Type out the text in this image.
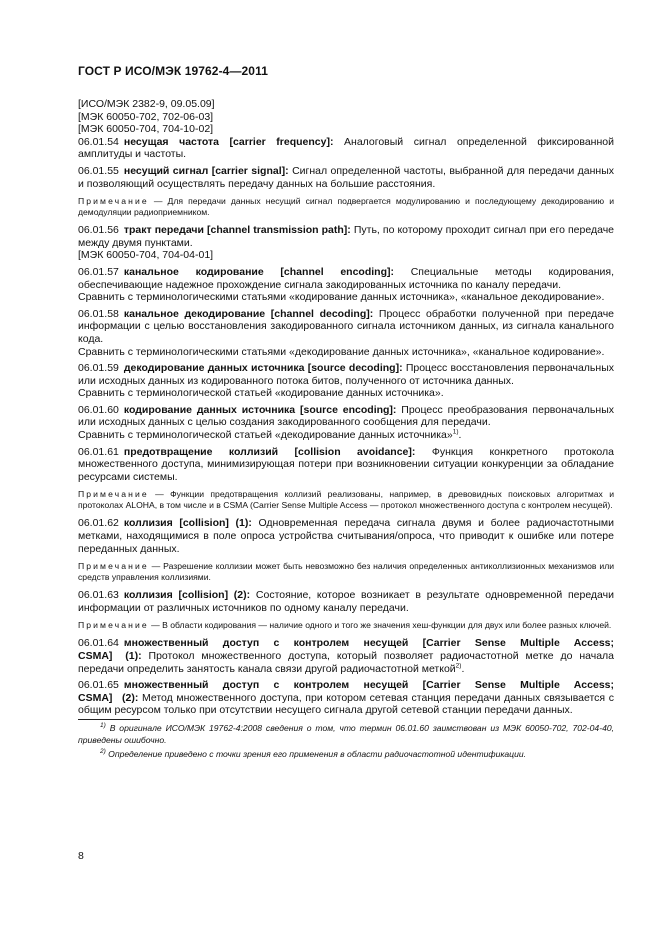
ГОСТ Р ИСО/МЭК 19762-4—2011

[ИСО/МЭК 2382-9, 09.05.09]

[МЭК 60050-702, 702-06-03]

[МЭК 60050-704, 704-10-02]

06.01.54 несущая частота [carrier frequency]: Аналоговый сигнал определенной фиксированной амплитуды и частоты.

06.01.55 несущий сигнал [carrier signal]: Сигнал определенной частоты, выбранной для передачи данных и позволяющий осуществлять передачу данных на большие расстояния.

Примечание — Для передачи данных несущий сигнал подвергается модулированию и последующему декодированию и демодуляции радиоприемником.

06.01.56 тракт передачи [channel transmission path]: Путь, по которому проходит сигнал при его передаче между двумя пунктами.

[МЭК 60050-704, 704-04-01]

06.01.57 канальное кодирование [channel encoding]: Специальные методы кодирования, обеспечивающие надежное прохождение сигнала закодированных источника по каналу передачи.

Сравнить с терминологическими статьями «кодирование данных источника», «канальное декодирование».

06.01.58 канальное декодирование [channel decoding]: Процесс обработки полученной при передаче информации с целью восстановления закодированного сигнала источником данных, из сигнала канального кода.

Сравнить с терминологическими статьями «декодирование данных источника», «канальное кодирование».

06.01.59 декодирование данных источника [source decoding]: Процесс восстановления первоначальных или исходных данных из кодированного потока битов, полученного от источника данных.

Сравнить с терминологической статьей «кодирование данных источника».

06.01.60 кодирование данных источника [source encoding]: Процесс преобразования первоначальных или исходных данных с целью создания закодированного сообщения для передачи.

Сравнить с терминологической статьей «декодирование данных источника»$^{1)}$.

06.01.61 предотвращение коллизий [collision avoidance]: Функция конкретного протокола множественного доступа, минимизирующая потери при возникновении ситуации конкуренции за обладание ресурсами системы.

Примечание — Функции предотвращения коллизий реализованы, например, в древовидных поисковых алгоритмах и протоколах ALOHA, в том числе и в CSMA (Carrier Sense Multiple Access — протокол множественного доступа с контролем несущей).

06.01.62 коллизия [collision] (1): Одновременная передача сигнала двумя и более радиочастотными метками, находящимися в поле опроса устройства считывания/опроса, что приводит к ошибке или потере переданных данных.

Примечание — Разрешение коллизии может быть невозможно без наличия определенных антиколлизионных механизмов или средств управления коллизиями.

06.01.63 коллизия [collision] (2): Состояние, которое возникает в результате одновременной передачи информации от различных источников по одному каналу передачи.

Примечание — В области кодирования — наличие одного и того же значения хеш-функции для двух или более разных ключей.

06.01.64 множественный доступ с контролем несущей [Carrier Sense Multiple Access; CSMA] (1): Протокол множественного доступа, который позволяет радиочастотной метке до начала передачи определить занятость канала связи другой радиочастотной меткой$^{2)}$.

06.01.65 множественный доступ с контролем несущей [Carrier Sense Multiple Access; CSMA] (2): Метод множественного доступа, при котором сетевая станция передачи данных связывается с общим ресурсом только при отсутствии несущего сигнала другой сетевой станции передачи данных.

$^{1)}$ В оригинале ИСО/МЭК 19762-4:2008 сведения о том, что термин 06.01.60 заимствован из МЭК 60050-702, 702-04-40, приведены ошибочно.

$^{2)}$ Определение приведено с точки зрения его применения в области радиочастотной идентификации.

8
